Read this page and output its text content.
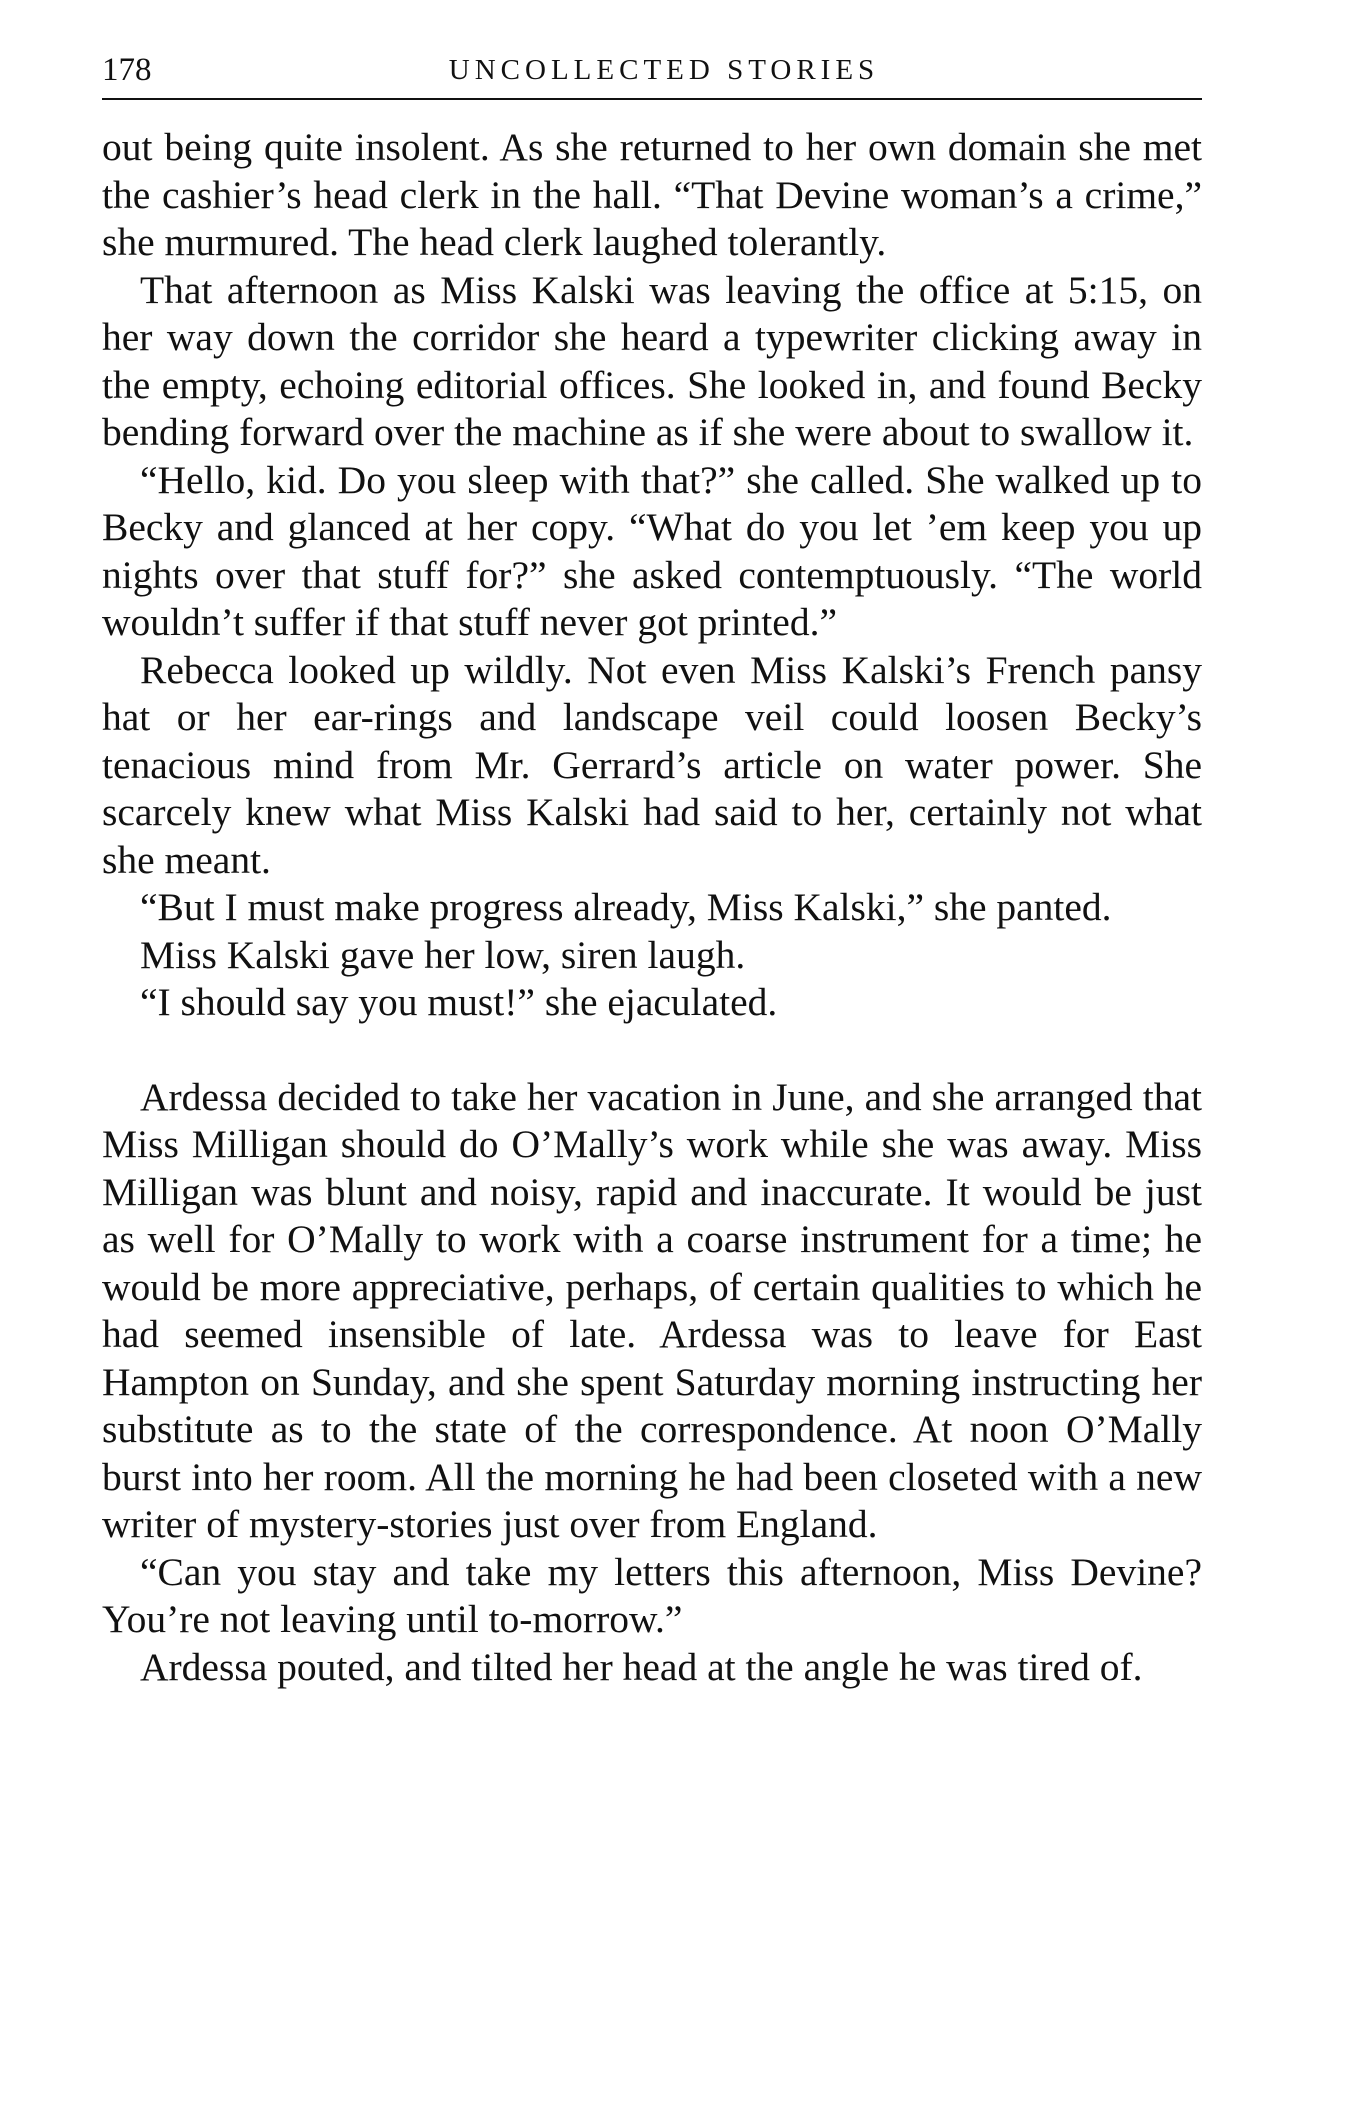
178	UNCOLLECTED STORIES

out being quite insolent. As she returned to her own domain she met the cashier’s head clerk in the hall. “That Devine woman’s a crime,” she murmured. The head clerk laughed tolerantly.

That afternoon as Miss Kalski was leaving the office at 5:15, on her way down the corridor she heard a typewriter clicking away in the empty, echoing editorial offices. She looked in, and found Becky bending forward over the machine as if she were about to swallow it.

“Hello, kid. Do you sleep with that?” she called. She walked up to Becky and glanced at her copy. “What do you let ’em keep you up nights over that stuff for?” she asked contemptuously. “The world wouldn’t suffer if that stuff never got printed.”

Rebecca looked up wildly. Not even Miss Kalski’s French pansy hat or her ear-rings and landscape veil could loosen Becky’s tenacious mind from Mr. Gerrard’s article on water power. She scarcely knew what Miss Kalski had said to her, certainly not what she meant.

“But I must make progress already, Miss Kalski,” she panted.

Miss Kalski gave her low, siren laugh.

“I should say you must!” she ejaculated.

Ardessa decided to take her vacation in June, and she arranged that Miss Milligan should do O’Mally’s work while she was away. Miss Milligan was blunt and noisy, rapid and inaccurate. It would be just as well for O’Mally to work with a coarse instrument for a time; he would be more appreciative, perhaps, of certain qualities to which he had seemed insensible of late. Ardessa was to leave for East Hampton on Sunday, and she spent Saturday morning instructing her substitute as to the state of the correspondence. At noon O’Mally burst into her room. All the morning he had been closeted with a new writer of mystery-stories just over from England.

“Can you stay and take my letters this afternoon, Miss Devine? You’re not leaving until to-morrow.”

Ardessa pouted, and tilted her head at the angle he was tired of.
